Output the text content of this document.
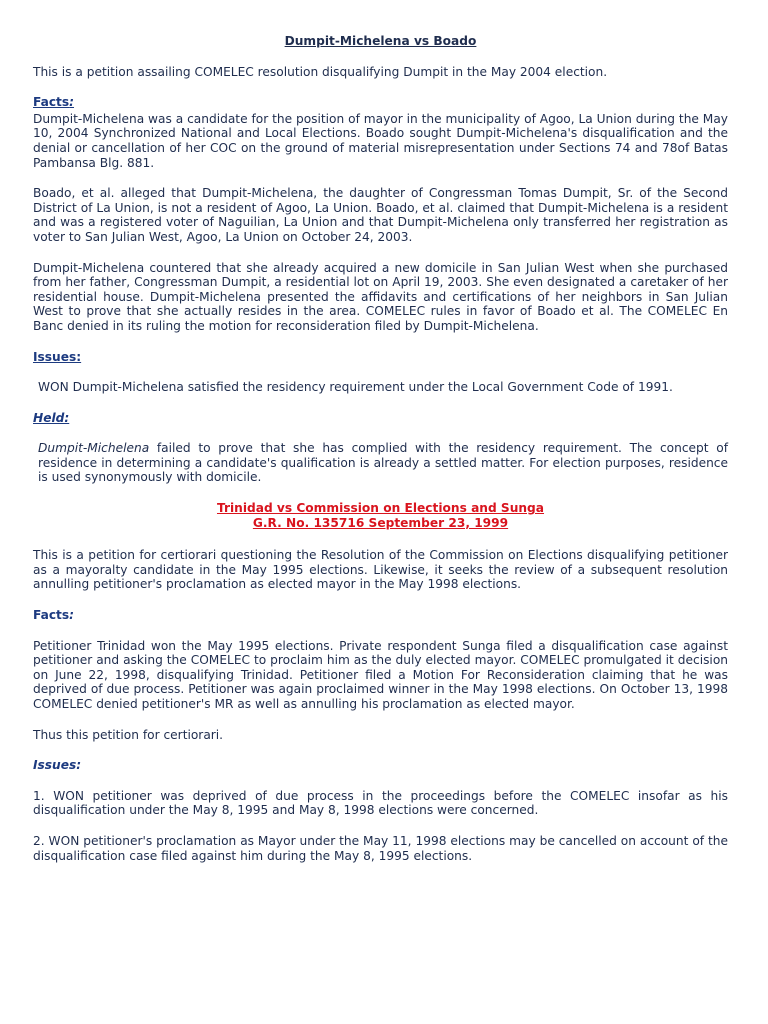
Dumpit-Michelena vs Boado

This is a petition assailing COMELEC resolution disqualifying Dumpit in the May 2004 election.

Facts:

Dumpit-Michelena was a candidate for the position of mayor in the municipality of Agoo, La Union during the May 10, 2004 Synchronized National and Local Elections. Boado sought Dumpit-Michelena's disqualification and the denial or cancellation of her COC on the ground of material misrepresentation under Sections 74 and 78of Batas Pambansa Blg. 881.

Boado, et al. alleged that Dumpit-Michelena, the daughter of Congressman Tomas Dumpit, Sr. of the Second District of La Union, is not a resident of Agoo, La Union. Boado, et al. claimed that Dumpit-Michelena is a resident and was a registered voter of Naguilian, La Union and that Dumpit-Michelena only transferred her registration as voter to San Julian West, Agoo, La Union on October 24, 2003.

Dumpit-Michelena countered that she already acquired a new domicile in San Julian West when she purchased from her father, Congressman Dumpit, a residential lot on April 19, 2003. She even designated a caretaker of her residential house. Dumpit-Michelena presented the affidavits and certifications of her neighbors in San Julian West to prove that she actually resides in the area. COMELEC rules in favor of Boado et al. The COMELEC En Banc denied in its ruling the motion for reconsideration filed by Dumpit-Michelena.

Issues:

WON Dumpit-Michelena satisfied the residency requirement under the Local Government Code of 1991.

Held:

Dumpit-Michelena failed to prove that she has complied with the residency requirement. The concept of residence in determining a candidate's qualification is already a settled matter. For election purposes, residence is used synonymously with domicile.

Trinidad vs Commission on Elections and Sunga
G.R. No. 135716 September 23, 1999

This is a petition for certiorari questioning the Resolution of the Commission on Elections disqualifying petitioner as a mayoralty candidate in the May 1995 elections. Likewise, it seeks the review of a subsequent resolution annulling petitioner's proclamation as elected mayor in the May 1998 elections.

Facts:

Petitioner Trinidad won the May 1995 elections. Private respondent Sunga filed a disqualification case against petitioner and asking the COMELEC to proclaim him as the duly elected mayor. COMELEC promulgated it decision on June 22, 1998, disqualifying Trinidad. Petitioner filed a Motion For Reconsideration claiming that he was deprived of due process. Petitioner was again proclaimed winner in the May 1998 elections. On October 13, 1998 COMELEC denied petitioner's MR as well as annulling his proclamation as elected mayor.

Thus this petition for certiorari.

Issues:

1. WON petitioner was deprived of due process in the proceedings before the COMELEC insofar as his disqualification under the May 8, 1995 and May 8, 1998 elections were concerned.

2. WON petitioner's proclamation as Mayor under the May 11, 1998 elections may be cancelled on account of the disqualification case filed against him during the May 8, 1995 elections.
